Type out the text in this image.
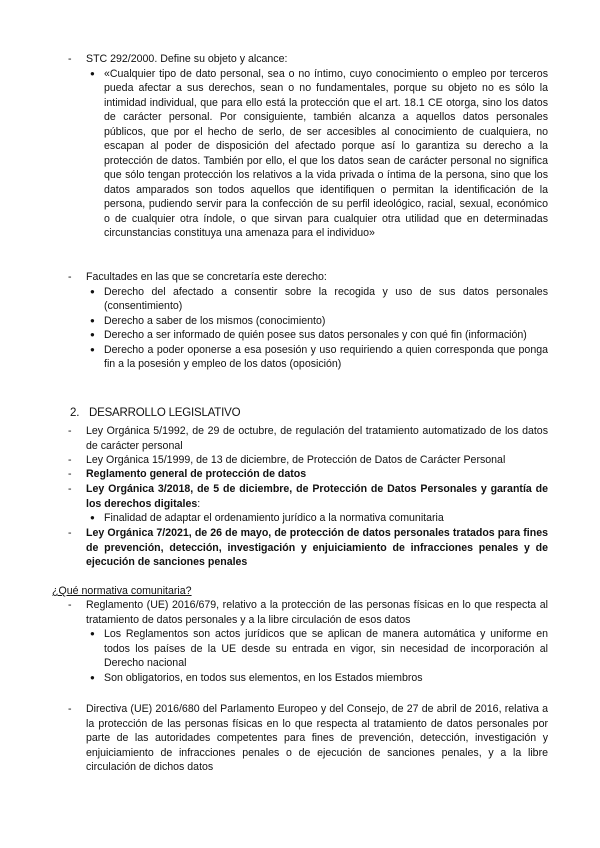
- STC 292/2000. Define su objeto y alcance:
● «Cualquier tipo de dato personal, sea o no íntimo, cuyo conocimiento o empleo por terceros pueda afectar a sus derechos, sean o no fundamentales, porque su objeto no es sólo la intimidad individual, que para ello está la protección que el art. 18.1 CE otorga, sino los datos de carácter personal. Por consiguiente, también alcanza a aquellos datos personales públicos, que por el hecho de serlo, de ser accesibles al conocimiento de cualquiera, no escapan al poder de disposición del afectado porque así lo garantiza su derecho a la protección de datos. También por ello, el que los datos sean de carácter personal no significa que sólo tengan protección los relativos a la vida privada o íntima de la persona, sino que los datos amparados son todos aquellos que identifiquen o permitan la identificación de la persona, pudiendo servir para la confección de su perfil ideológico, racial, sexual, económico o de cualquier otra índole, o que sirvan para cualquier otra utilidad que en determinadas circunstancias constituya una amenaza para el individuo»
- Facultades en las que se concretaría este derecho:
● Derecho del afectado a consentir sobre la recogida y uso de sus datos personales (consentimiento)
● Derecho a saber de los mismos (conocimiento)
● Derecho a ser informado de quién posee sus datos personales y con qué fin (información)
● Derecho a poder oponerse a esa posesión y uso requiriendo a quien corresponda que ponga fin a la posesión y empleo de los datos (oposición)
2. DESARROLLO LEGISLATIVO
- Ley Orgánica 5/1992, de 29 de octubre, de regulación del tratamiento automatizado de los datos de carácter personal
- Ley Orgánica 15/1999, de 13 de diciembre, de Protección de Datos de Carácter Personal
- Reglamento general de protección de datos
- Ley Orgánica 3/2018, de 5 de diciembre, de Protección de Datos Personales y garantía de los derechos digitales:
● Finalidad de adaptar el ordenamiento jurídico a la normativa comunitaria
- Ley Orgánica 7/2021, de 26 de mayo, de protección de datos personales tratados para fines de prevención, detección, investigación y enjuiciamiento de infracciones penales y de ejecución de sanciones penales
¿Qué normativa comunitaria?
- Reglamento (UE) 2016/679, relativo a la protección de las personas físicas en lo que respecta al tratamiento de datos personales y a la libre circulación de esos datos
● Los Reglamentos son actos jurídicos que se aplican de manera automática y uniforme en todos los países de la UE desde su entrada en vigor, sin necesidad de incorporación al Derecho nacional
● Son obligatorios, en todos sus elementos, en los Estados miembros
- Directiva (UE) 2016/680 del Parlamento Europeo y del Consejo, de 27 de abril de 2016, relativa a la protección de las personas físicas en lo que respecta al tratamiento de datos personales por parte de las autoridades competentes para fines de prevención, detección, investigación y enjuiciamiento de infracciones penales o de ejecución de sanciones penales, y a la libre circulación de dichos datos
